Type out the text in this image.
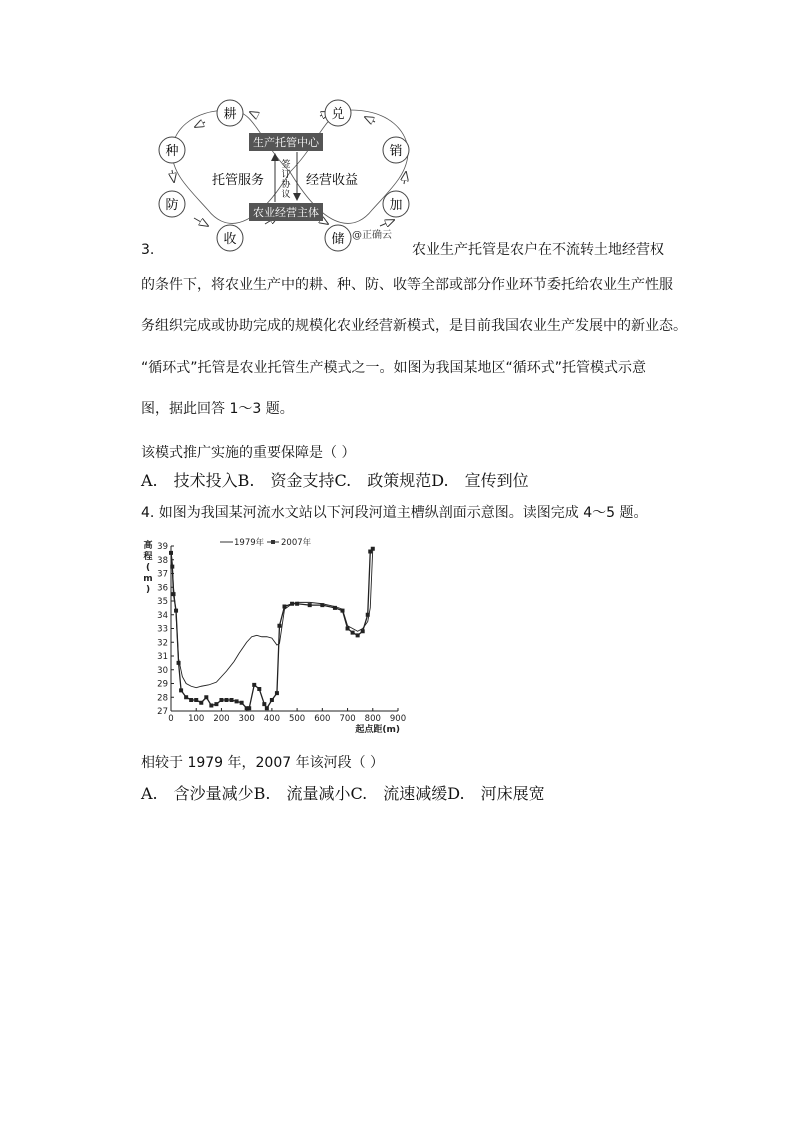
耕
种
防
收
兑
销
加
储
生产托管中心
农业经营主体
签
订
协
议
托管服务	经营收益
@正确云
3.	农业生产托管是农户在不流转土地经营权
的条件下，将农业生产中的耕、种、防、收等全部或部分作业环节委托给农业生产性服
务组织完成或协助完成的规模化农业经营新模式，是目前我国农业生产发展中的新业态。
“循环式”托管是农业托管生产模式之一。如图为我国某地区“循环式”托管模式示意
图，据此回答 1～3 题。
该模式推广实施的重要保障是（ ）
A.　技术投入B.　资金支持C.　政策规范D.　宣传到位
4. 如图为我国某河流水文站以下河段河道主槽纵剖面示意图。读图完成 4～5 题。
27
28
29
30
31
32
33
34
35
36
37
38
39
0 100 200 300 400 500 600 700 800 900
起点距(m)
高
程
(
m
)
1979年 2007年
相较于 1979 年，2007 年该河段（ ）
A.　含沙量减少B.　流量减小C.　流速减缓D.　河床展宽
